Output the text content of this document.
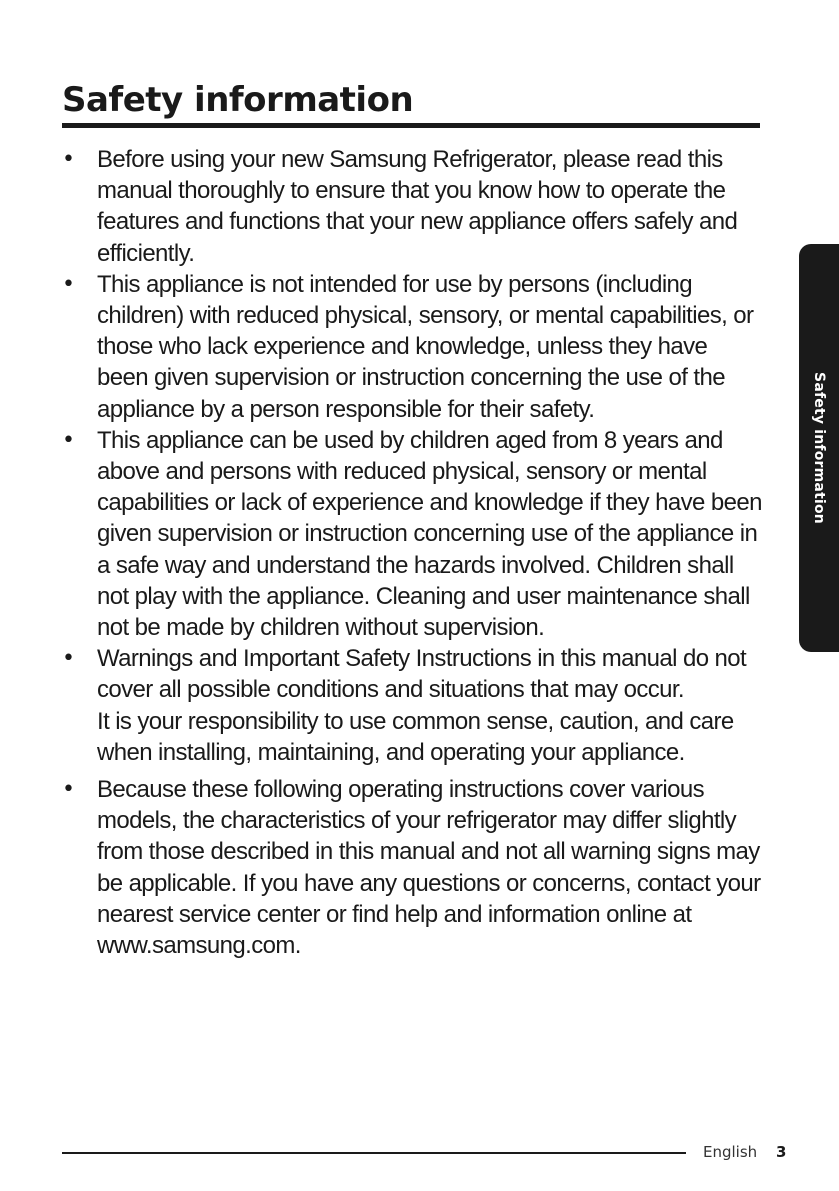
Safety information
• Before using your new Samsung Refrigerator, please read this manual thoroughly to ensure that you know how to operate the features and functions that your new appliance offers safely and efficiently.
• This appliance is not intended for use by persons (including children) with reduced physical, sensory, or mental capabilities, or those who lack experience and knowledge, unless they have been given supervision or instruction concerning the use of the appliance by a person responsible for their safety.
• This appliance can be used by children aged from 8 years and above and persons with reduced physical, sensory or mental capabilities or lack of experience and knowledge if they have been given supervision or instruction concerning use of the appliance in a safe way and understand the hazards involved. Children shall not play with the appliance. Cleaning and user maintenance shall not be made by children without supervision.
• Warnings and Important Safety Instructions in this manual do not cover all possible conditions and situations that may occur.
It is your responsibility to use common sense, caution, and care when installing, maintaining, and operating your appliance.
• Because these following operating instructions cover various models, the characteristics of your refrigerator may differ slightly from those described in this manual and not all warning signs may be applicable. If you have any questions or concerns, contact your nearest service center or find help and information online at www.samsung.com.
Safety information
English 3
